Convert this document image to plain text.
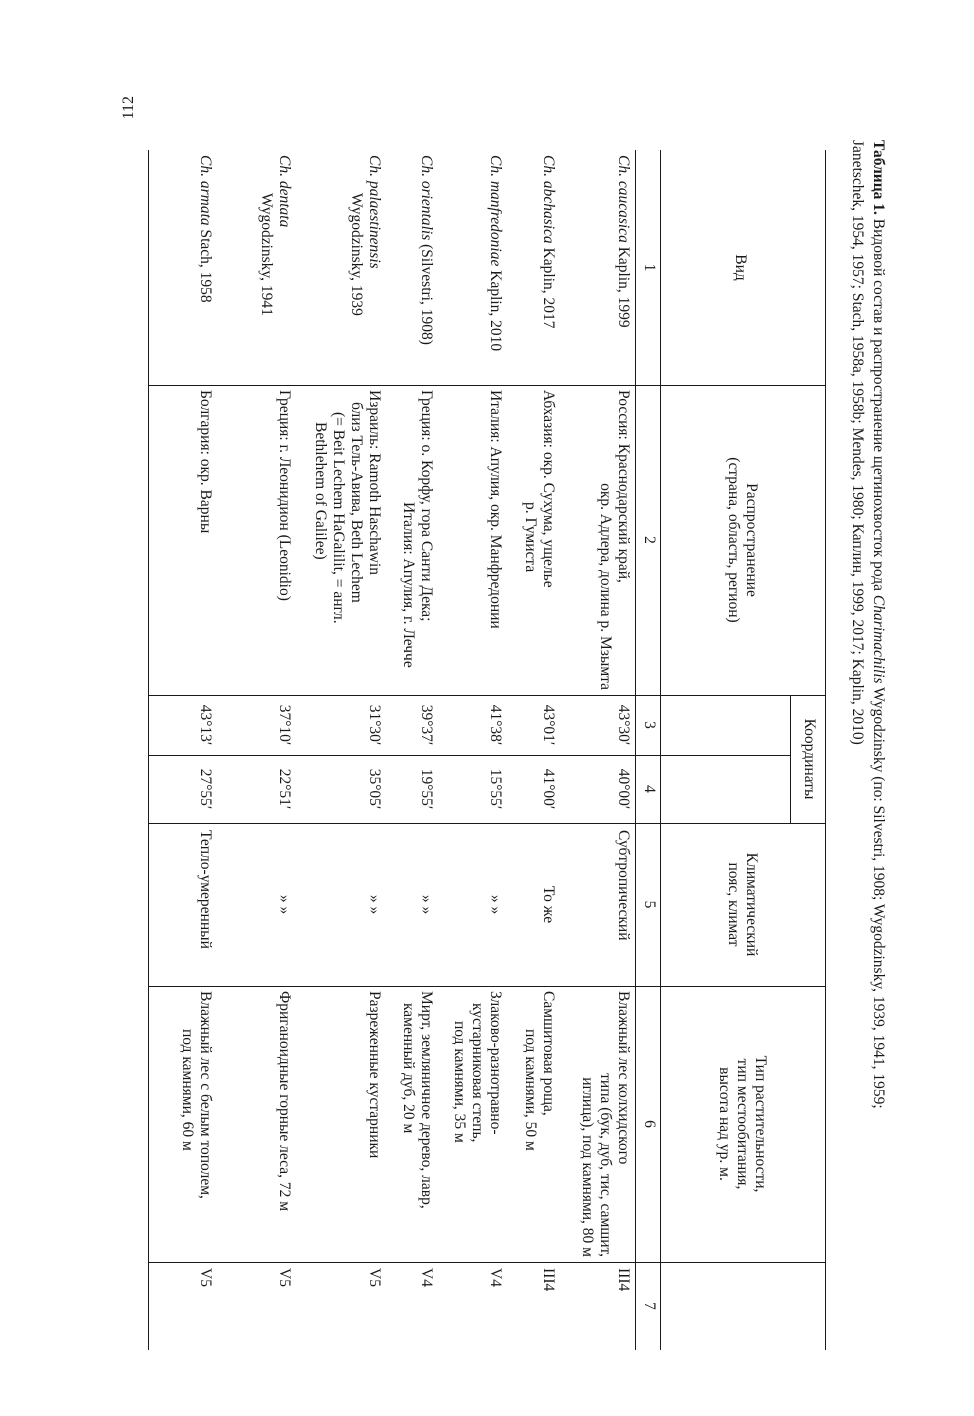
112
Таблица 1. Видовой состав и распространение щетинохвосток рода Charimachilis Wygodzinsky (по: Silvestri, 1908; Wygodzinsky, 1939, 1941, 1959;
Janetschek, 1954, 1957; Stach, 1958a, 1958b; Mendes, 1980; Каплин, 1999, 2017; Kaplin, 2010)
Вид
Распространение
(страна, область, регион)
Координаты
Климатический
пояс, климат
Тип растительности,
тип местообитания,
высота над ур. м.
1
2
3
4
5
6
7
Ch. caucasica Kaplin, 1999
Россия: Краснодарский край,
окр. Адлера, долина р. Мзымта
43°30′
40°00′
Субтропический
Влажный лес колхидского
типа (бук, дуб, тис, самшит,
иглица), под камнями, 80 м
III4
Ch. abchasica Kaplin, 2017
Абхазия: окр. Сухума, ущелье
р. Гумиста
43°01′
41°00′
То же
Самшитовая роща,
под камнями, 50 м
III4
Ch. manfredoniae Kaplin, 2010
Италия: Апулия, окр. Манфредонии
41°38′
15°55′
» »
Злаково-разнотравно-
кустарниковая степь,
под камнями, 35 м
V4
Ch. orientalis (Silvestri, 1908)
Греция: о. Корфу, гора Санти Дека;
Италия: Апулия, г. Лечче
39°37′
19°55′
» »
Мирт, земляничное дерево, лавр,
каменный дуб, 20 м
V4
Ch. palaestinensis
Wygodzinsky, 1939
Израиль: Ramoth Haschawin
близ Тель-Авива, Beth Lechem
(= Beit Lechem HaGalilit, = англ.
Bethlehem of Galilee)
31°30′
35°05′
» »
Разреженные кустарники
V5
Ch. dentata
Wygodzinsky, 1941
Греция: г. Леонидион (Leonidio)
37°10′
22°51′
» »
Фриганоидные горные леса, 72 м
V5
Ch. armata Stach, 1958
Болгария: окр. Варны
43°13′
27°55′
Тепло-умеренный
Влажный лес с белым тополем,
под камнями, 60 м
V5
